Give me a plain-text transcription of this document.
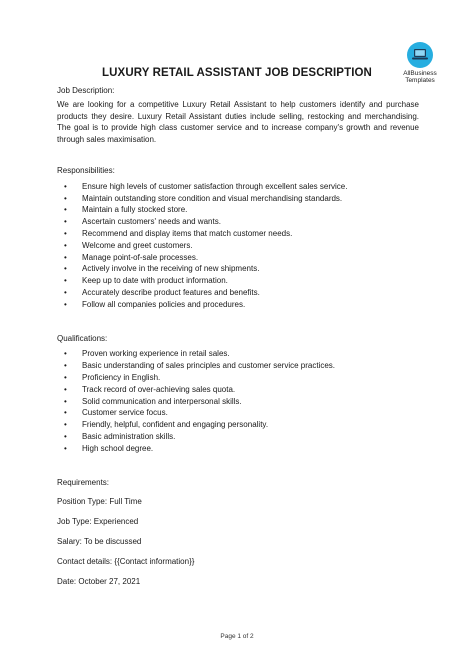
AllBusiness
Templates
LUXURY RETAIL ASSISTANT JOB DESCRIPTION

Job Description:

We are looking for a competitive Luxury Retail Assistant to help customers identify and purchase products they desire. Luxury Retail Assistant duties include selling, restocking and merchandising. The goal is to provide high class customer service and to increase company's growth and revenue through sales maximisation.

Responsibilities:

• Ensure high levels of customer satisfaction through excellent sales service.
• Maintain outstanding store condition and visual merchandising standards.
• Maintain a fully stocked store.
• Ascertain customers' needs and wants.
• Recommend and display items that match customer needs.
• Welcome and greet customers.
• Manage point-of-sale processes.
• Actively involve in the receiving of new shipments.
• Keep up to date with product information.
• Accurately describe product features and benefits.
• Follow all companies policies and procedures.

Qualifications:

• Proven working experience in retail sales.
• Basic understanding of sales principles and customer service practices.
• Proficiency in English.
• Track record of over-achieving sales quota.
• Solid communication and interpersonal skills.
• Customer service focus.
• Friendly, helpful, confident and engaging personality.
• Basic administration skills.
• High school degree.

Requirements:

Position Type: Full Time

Job Type: Experienced

Salary: To be discussed

Contact details: {{Contact information}}

Date: October 27, 2021

Page 1 of 2
